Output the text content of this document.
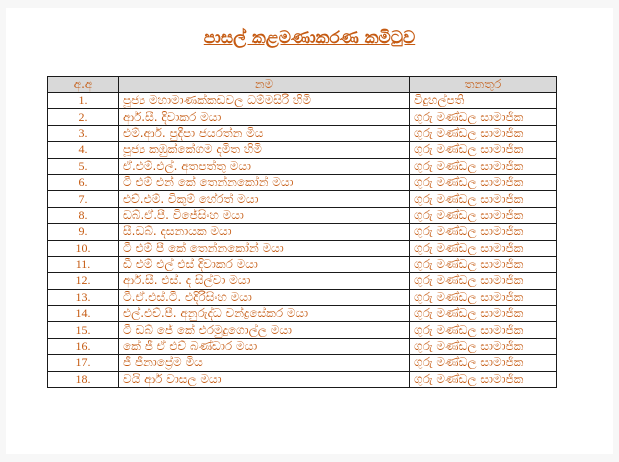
පාසල් කළමණාකරණ කමිටුව
අ.අ	නම	තනතුර
1.	පූජ්‍ය මහාමාණක්කඩවල ධම්මසිරි හිමි	විදුහල්පති
2.	ආර්.සී. දිවාකර මයා	ගුරු මණ්ඩල සාමාජික
3.	එම්.ආර්. පුදීපා ජයරත්න මිය	ගුරු මණ්ඩල සාමාජික
4.	පූජ්‍ය කඹුක්කේගම දමිත හිමි	ගුරු මණ්ඩල සාමාජික
5.	ඒ.එම්.එල්. අතපත්තු මයා	ගුරු මණ්ඩල සාමාජික
6.	ටී එම් එන් කේ තෙන්නකෝන් මයා	ගුරු මණ්ඩල සාමාජික
7.	එච්.එම්. චිකුම් හේරත් මයා	ගුරු මණ්ඩල සාමාජික
8.	ඩබ්.ඒ.පී. විජේසිංහ මයා	ගුරු මණ්ඩල සාමාජික
9.	සී.ඩබ්. දසනායක මයා	ගුරු මණ්ඩල සාමාජික
10.	ටී එම් පී කේ තෙන්නකෝන් මයා	ගුරු මණ්ඩල සාමාජික
11.	ඩී එම් එල් එස් දිවාකර මයා	ගුරු මණ්ඩල සාමාජික
12.	ආර්.සී. එස්. ද සිල්වා මයා	ගුරු මණ්ඩල සාමාජික
13.	ටී.ඒ.එස්.ටී. එදිරිසිංහ මයා	ගුරු මණ්ඩල සාමාජික
14.	එල්.එච්.පී. අනුරුද්ධ චන්ද්‍රසේකර මයා	ගුරු මණ්ඩල සාමාජික
15.	ටී ඩබ් ජේ කේ එරමුදුගොල්ල මයා	ගුරු මණ්ඩල සාමාජික
16.	කේ ජී ඒ එච් බණ්ඩාර මයා	ගුරු මණ්ඩල සාමාජික
17.	ජී ජීනාප්‍රේම මිය	ගුරු මණ්ඩල සාමාජික
18.	වයි ආර් වාසල මයා	ගුරු මණ්ඩල සාමාජික
